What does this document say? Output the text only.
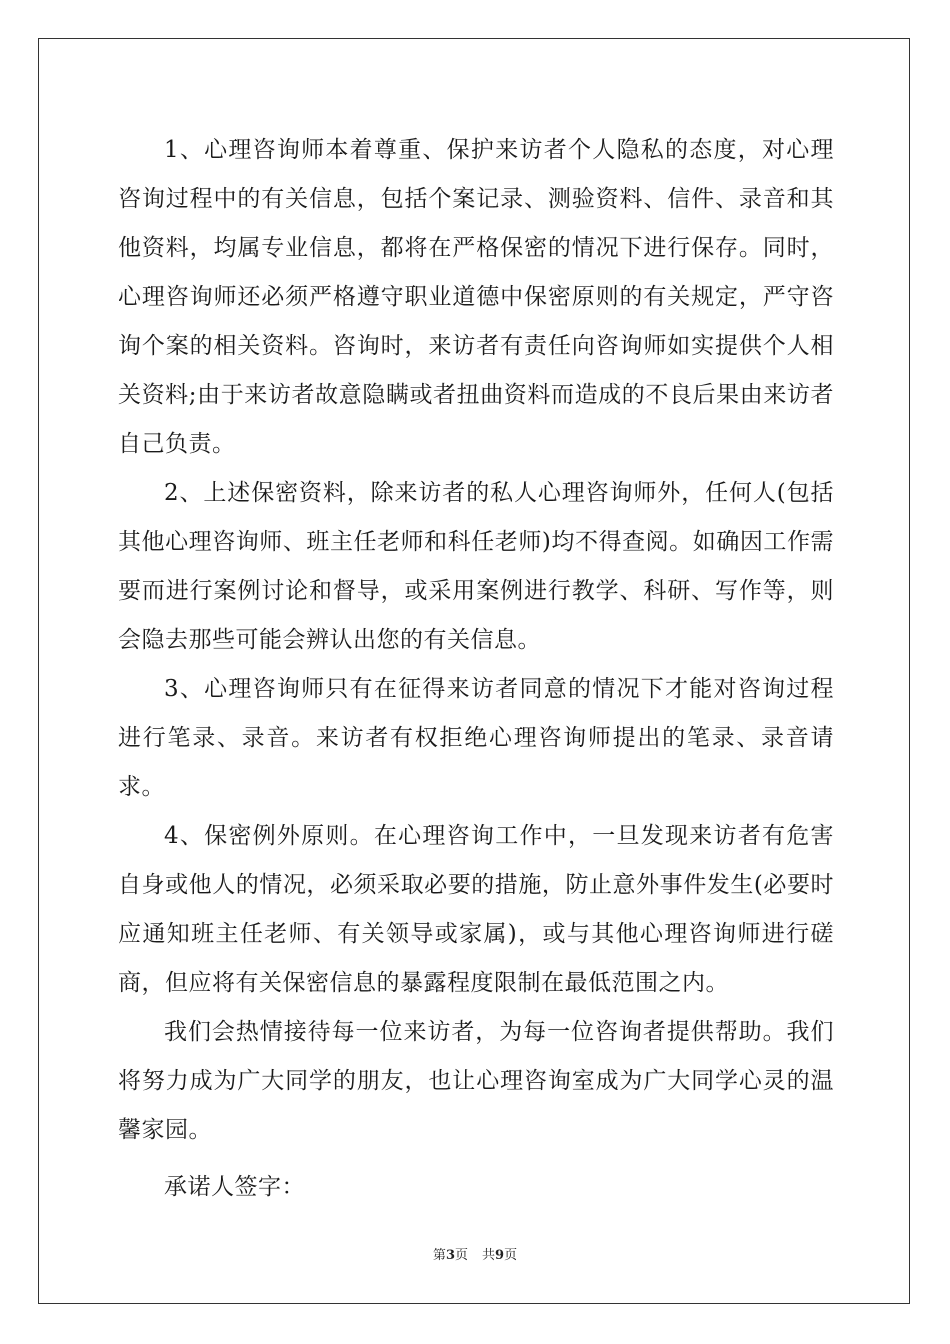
1、心理咨询师本着尊重、保护来访者个人隐私的态度，对心理咨询过程中的有关信息，包括个案记录、测验资料、信件、录音和其他资料，均属专业信息，都将在严格保密的情况下进行保存。同时，心理咨询师还必须严格遵守职业道德中保密原则的有关规定，严守咨询个案的相关资料。咨询时，来访者有责任向咨询师如实提供个人相关资料;由于来访者故意隐瞒或者扭曲资料而造成的不良后果由来访者自己负责。

2、上述保密资料，除来访者的私人心理咨询师外，任何人(包括其他心理咨询师、班主任老师和科任老师)均不得查阅。如确因工作需要而进行案例讨论和督导，或采用案例进行教学、科研、写作等，则会隐去那些可能会辨认出您的有关信息。

3、心理咨询师只有在征得来访者同意的情况下才能对咨询过程进行笔录、录音。来访者有权拒绝心理咨询师提出的笔录、录音请求。

4、保密例外原则。在心理咨询工作中，一旦发现来访者有危害自身或他人的情况，必须采取必要的措施，防止意外事件发生(必要时应通知班主任老师、有关领导或家属)，或与其他心理咨询师进行磋商，但应将有关保密信息的暴露程度限制在最低范围之内。

我们会热情接待每一位来访者，为每一位咨询者提供帮助。我们将努力成为广大同学的朋友，也让心理咨询室成为广大同学心灵的温馨家园。

承诺人签字：

第3页 共9页
